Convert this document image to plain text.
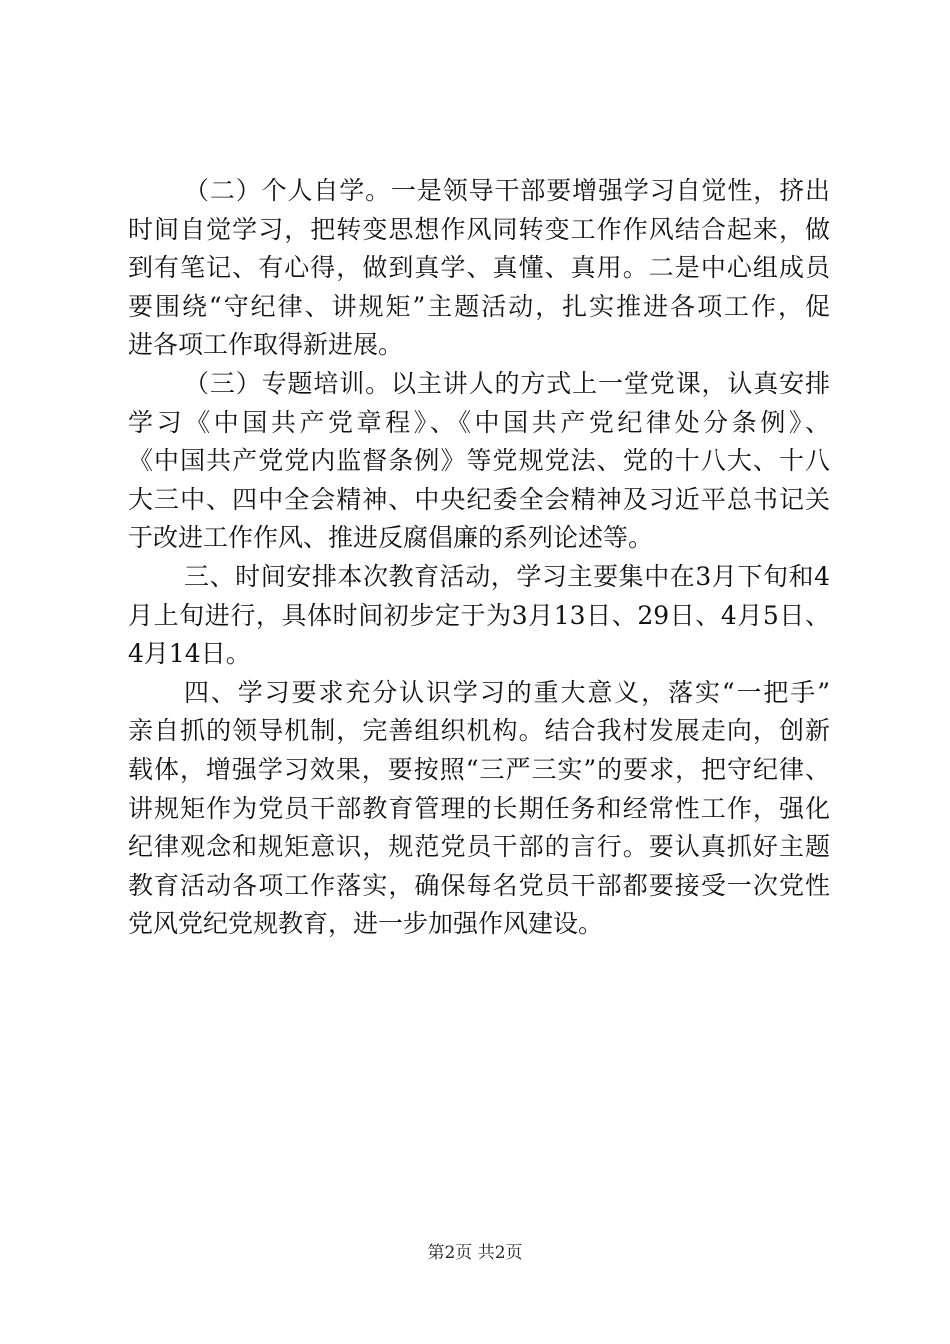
（二）个人自学。一是领导干部要增强学习自觉性，挤出
时间自觉学习，把转变思想作风同转变工作作风结合起来，做
到有笔记、有心得，做到真学、真懂、真用。二是中心组成员
要围绕“守纪律、讲规矩”主题活动，扎实推进各项工作，促
进各项工作取得新进展。
（三）专题培训。以主讲人的方式上一堂党课，认真安排
学习《中国共产党章程》、《中国共产党纪律处分条例》、
《中国共产党党内监督条例》等党规党法、党的十八大、十八
大三中、四中全会精神、中央纪委全会精神及习近平总书记关
于改进工作作风、推进反腐倡廉的系列论述等。
三、时间安排本次教育活动，学习主要集中在3月下旬和4
月上旬进行，具体时间初步定于为3月13日、29日、4月5日、
4月14日。
四、学习要求充分认识学习的重大意义，落实“一把手”
亲自抓的领导机制，完善组织机构。结合我村发展走向，创新
载体，增强学习效果，要按照“三严三实”的要求，把守纪律、
讲规矩作为党员干部教育管理的长期任务和经常性工作，强化
纪律观念和规矩意识，规范党员干部的言行。要认真抓好主题
教育活动各项工作落实，确保每名党员干部都要接受一次党性
党风党纪党规教育，进一步加强作风建设。
第2页 共2页
